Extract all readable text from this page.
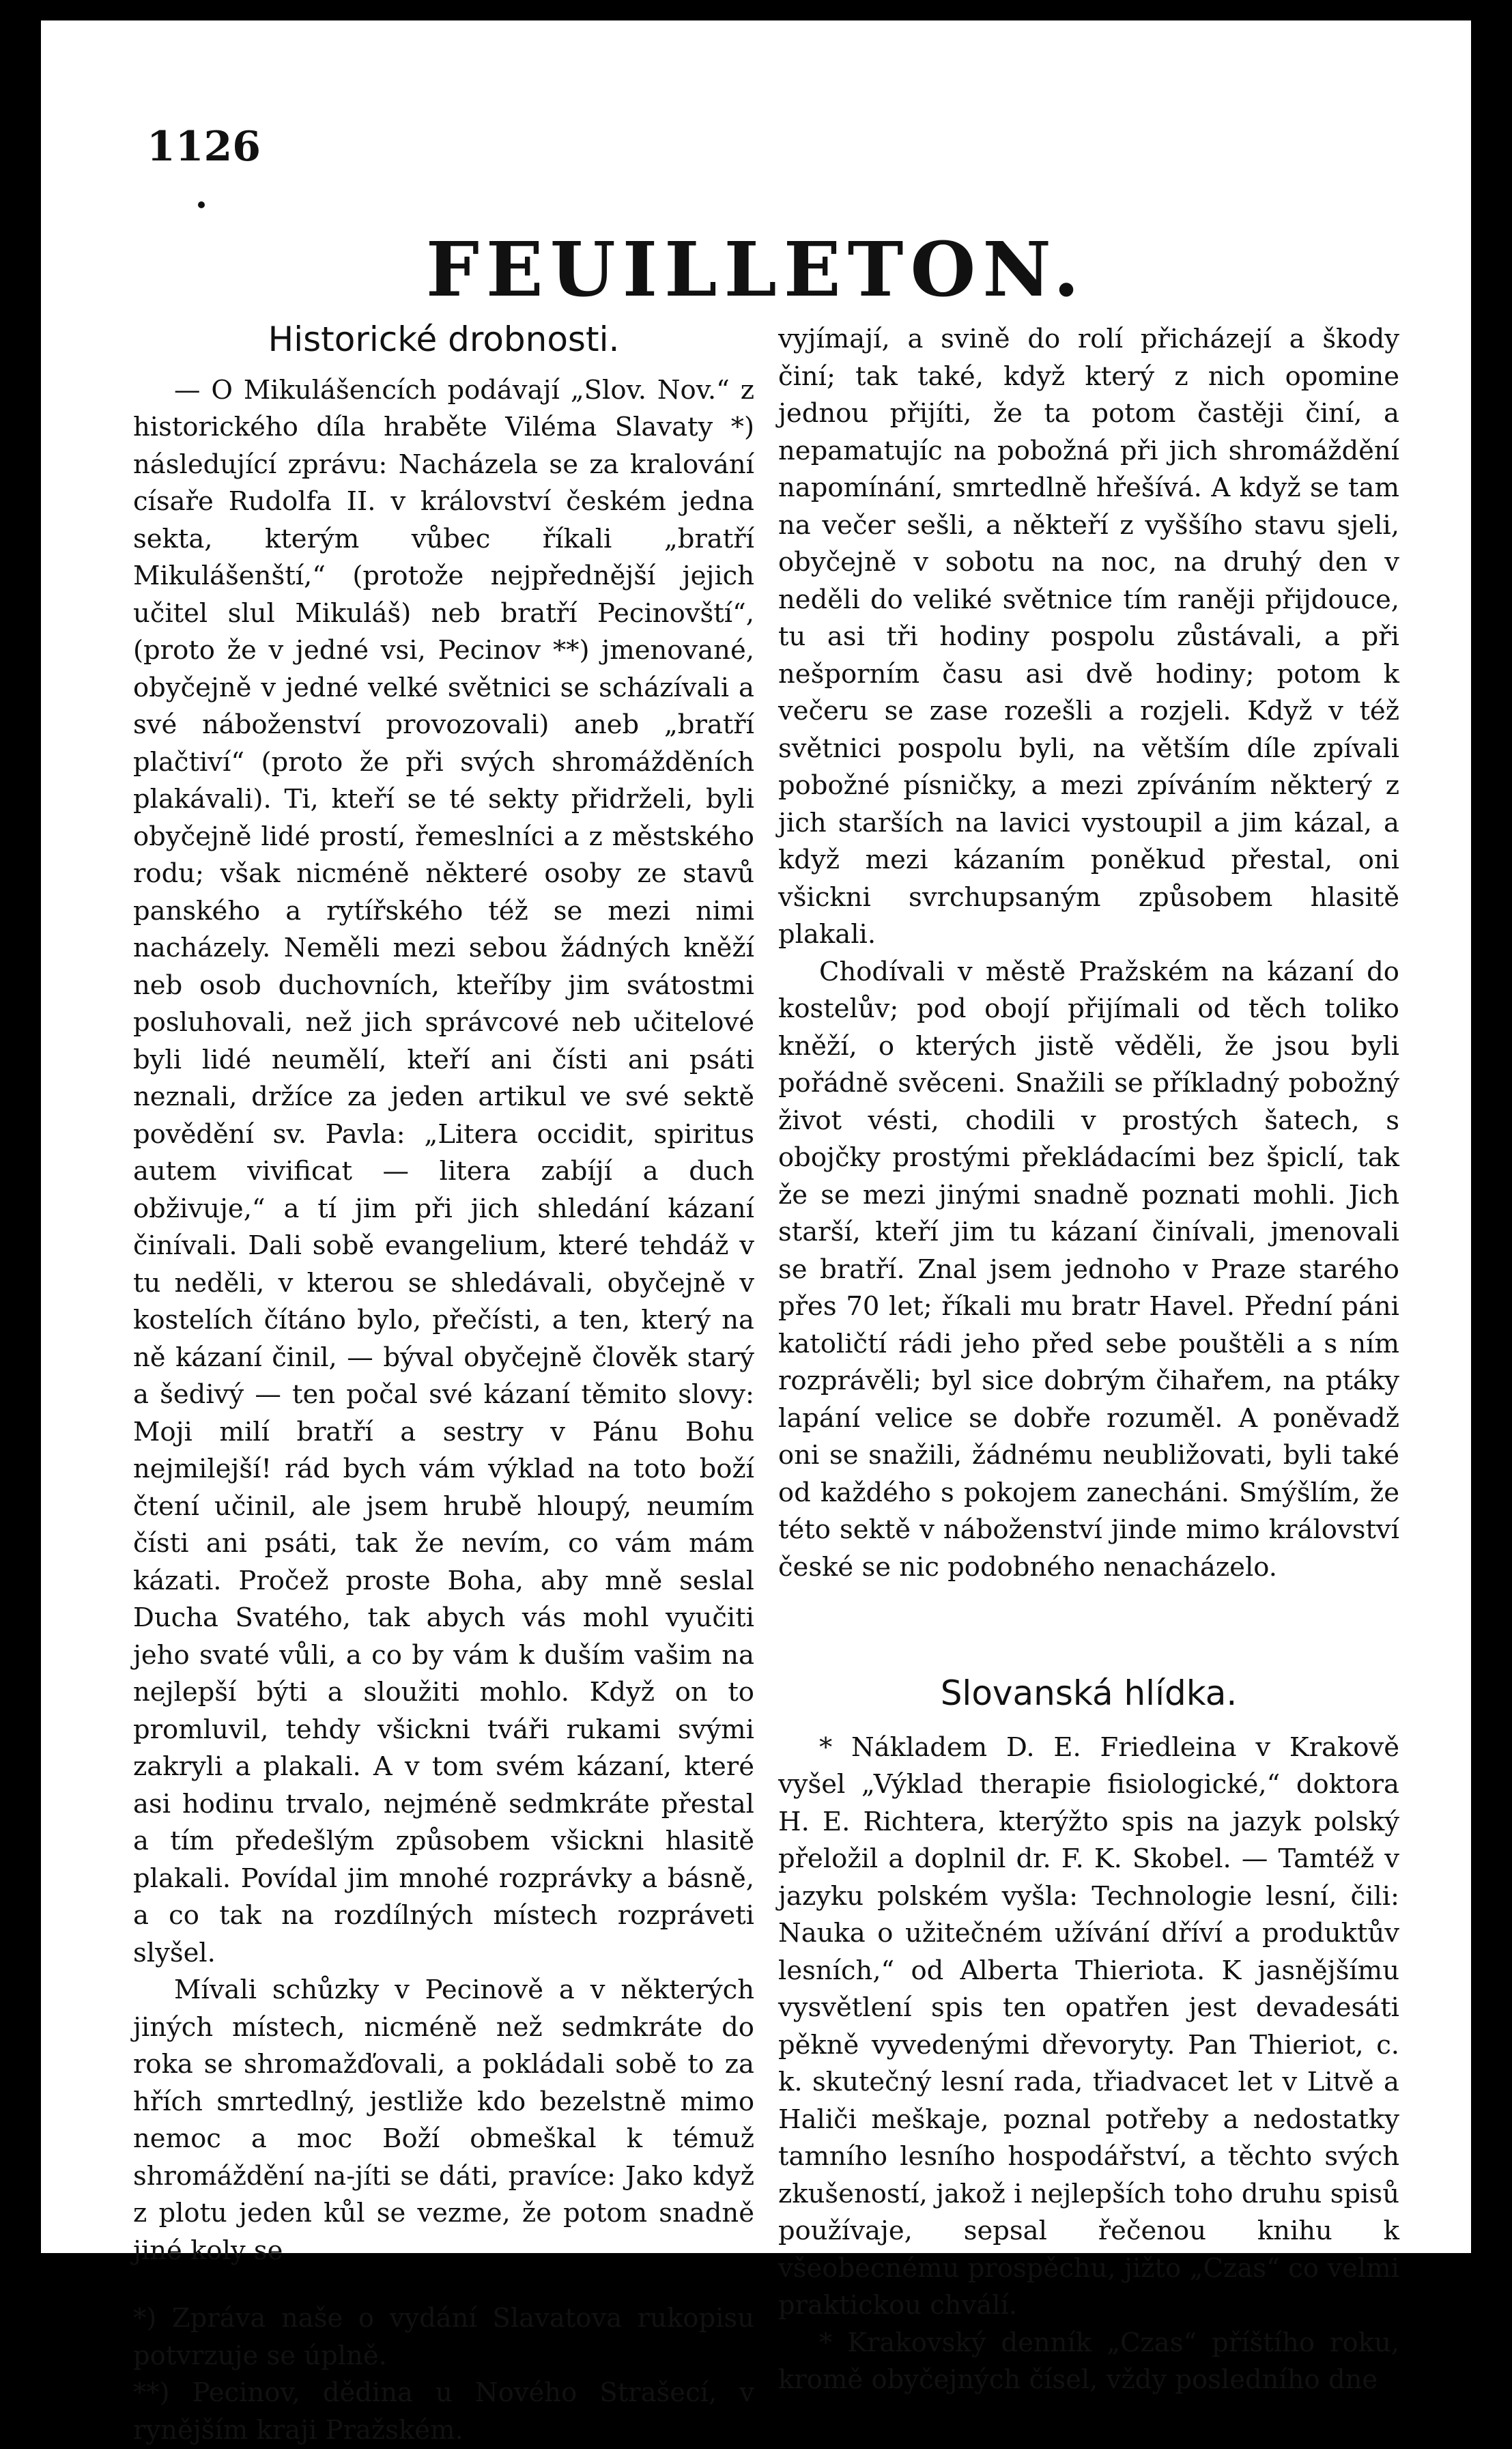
1126

FEUILLETON.
Historické drobnosti.

— O Mikulášencích podávají „Slov. Nov.“ z historického díla hraběte Viléma Slavaty *) následující zprávu: Nacházela se za kralování císaře Rudolfa II. v království českém jedna sekta, kterým vůbec říkali „bratří Mikulášenští,“ (protože nejpřednější jejich učitel slul Mikuláš) neb bratří Pecinovští“, (proto že v jedné vsi, Pecinov **) jmenované, obyčejně v jedné velké světnici se scházívali a své náboženství provozovali) aneb „bratří plačtiví“ (proto že při svých shromážděních plakávali). Ti, kteří se té sekty přidrželi, byli obyčejně lidé prostí, řemeslníci a z městského rodu; však nicméně některé osoby ze stavů panského a rytířského též se mezi nimi nacházely. Neměli mezi sebou žádných kněží neb osob duchovních, kteříby jim svátostmi posluhovali, než jich správcové neb učitelové byli lidé neumělí, kteří ani čísti ani psáti neznali, držíce za jeden artikul ve své sektě povědění sv. Pavla: „Litera occidit, spiritus autem vivificat — litera zabíjí a duch obživuje,“ a tí jim při jich shledání kázaní činívali. Dali sobě evangelium, které tehdáž v tu neděli, v kterou se shledávali, obyčejně v kostelích čítáno bylo, přečísti, a ten, který na ně kázaní činil, — býval obyčejně člověk starý a šedivý — ten počal své kázaní těmito slovy: Moji milí bratří a sestry v Pánu Bohu nejmilejší! rád bych vám výklad na toto boží čtení učinil, ale jsem hrubě hloupý, neumím čísti ani psáti, tak že nevím, co vám mám kázati. Pročež proste Boha, aby mně seslal Ducha Svatého, tak abych vás mohl vyučiti jeho svaté vůli, a co by vám k duším vašim na nejlepší býti a sloužiti mohlo. Když on to promluvil, tehdy všickni tváři rukami svými zakryli a plakali. A v tom svém kázaní, které asi hodinu trvalo, nejméně sedmkráte přestal a tím předešlým způsobem všickni hlasitě plakali. Povídal jim mnohé rozprávky a básně, a co tak na rozdílných místech rozpráveti slyšel.

Mívali schůzky v Pecinově a v některých jiných místech, nicméně než sedmkráte do roka se shromažďovali, a pokládali sobě to za hřích smrtedlný, jestliže kdo bezelstně mimo nemoc a moc Boží obmeškal k témuž shromáždění na-jíti se dáti, pravíce: Jako když z plotu jeden kůl se vezme, že potom snadně jiné koly se

*) Zpráva naše o vydání Slavatova rukopisu potvrzuje se úplně.

**) Pecinov, dědina u Nového Strašecí, v rynějším kraji Pražském.

vyjímají, a svině do rolí přicházejí a škody činí; tak také, když který z nich opomine jednou přijíti, že ta potom častěji činí, a nepamatujíc na pobožná při jich shromáždění napomínání, smrtedlně hřešívá. A když se tam na večer sešli, a někteří z vyššího stavu sjeli, obyčejně v sobotu na noc, na druhý den v neděli do veliké světnice tím raněji přijdouce, tu asi tři hodiny pospolu zůstávali, a při nešporním času asi dvě hodiny; potom k večeru se zase rozešli a rozjeli. Když v též světnici pospolu byli, na větším díle zpívali pobožné písničky, a mezi zpíváním některý z jich starších na lavici vystoupil a jim kázal, a když mezi kázaním poněkud přestal, oni všickni svrchupsaným způsobem hlasitě plakali.

Chodívali v městě Pražském na kázaní do kostelův; pod obojí přijímali od těch toliko kněží, o kterých jistě věděli, že jsou byli pořádně svěceni. Snažili se příkladný pobožný život vésti, chodili v prostých šatech, s obojčky prostými překládacími bez špiclí, tak že se mezi jinými snadně poznati mohli. Jich starší, kteří jim tu kázaní činívali, jmenovali se bratří. Znal jsem jednoho v Praze starého přes 70 let; říkali mu bratr Havel. Přední páni katoličtí rádi jeho před sebe pouštěli a s ním rozprávěli; byl sice dobrým čihařem, na ptáky lapání velice se dobře rozuměl. A poněvadž oni se snažili, žádnému neubližovati, byli také od každého s pokojem zanecháni. Smýšlím, že této sektě v náboženství jinde mimo království české se nic podobného nenacházelo.

Slovanská hlídka.

* Nákladem D. E. Friedleina v Krakově vyšel „Výklad therapie fisiologické,“ doktora H. E. Richtera, kterýžto spis na jazyk polský přeložil a doplnil dr. F. K. Skobel. — Tamtéž v jazyku polském vyšla: Technologie lesní, čili: Nauka o užitečném užívání dříví a produktův lesních,“ od Alberta Thieriota. K jasnějšímu vysvětlení spis ten opatřen jest devadesáti pěkně vyvedenými dřevoryty. Pan Thieriot, c. k. skutečný lesní rada, třiadvacet let v Litvě a Haliči meškaje, poznal potřeby a nedostatky tamního lesního hospodářství, a těchto svých zkušeností, jakož i nejlepších toho druhu spisů používaje, sepsal řečenou knihu k všeobecnému prospěchu, jižto „Czas“ co velmi praktickou chválí.

* Krakovský denník „Czas“ příštího roku, kromě obyčejných čísel, vždy posledního dne
